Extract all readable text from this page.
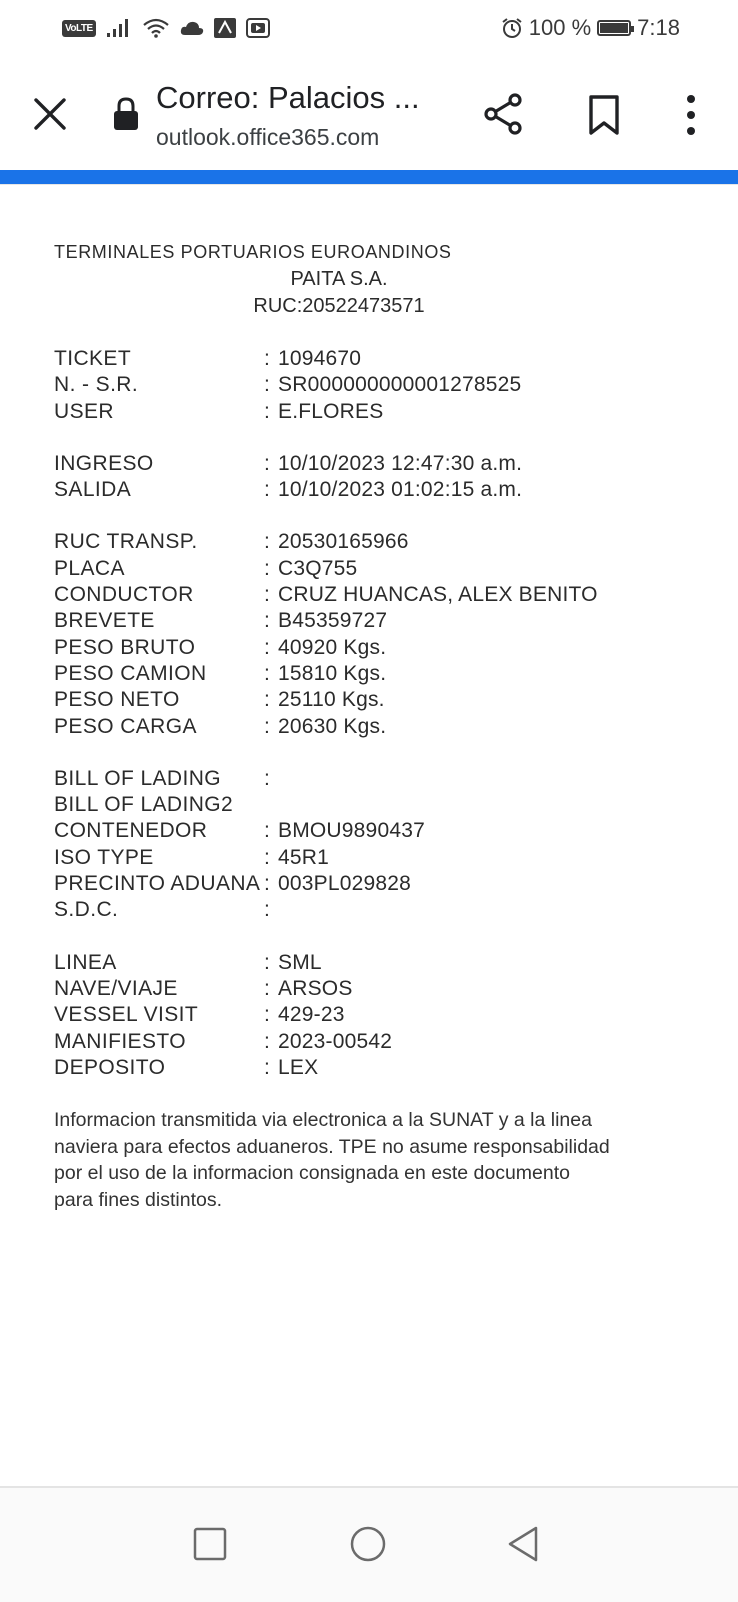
VoLTE	100 % 7:18
Correo: Palacios ...
outlook.office365.com
TERMINALES PORTUARIOS EUROANDINOS
PAITA S.A.
RUC:20522473571
TICKET	: 1094670
N. - S.R.	: SR000000000001278525
USER	: E.FLORES
INGRESO	: 10/10/2023 12:47:30 a.m.
SALIDA	: 10/10/2023 01:02:15 a.m.
RUC TRANSP.	: 20530165966
PLACA	: C3Q755
CONDUCTOR	: CRUZ HUANCAS, ALEX BENITO
BREVETE	: B45359727
PESO BRUTO	: 40920 Kgs.
PESO CAMION	: 15810 Kgs.
PESO NETO	: 25110 Kgs.
PESO CARGA	: 20630 Kgs.
BILL OF LADING	:
BILL OF LADING2
CONTENEDOR	: BMOU9890437
ISO TYPE	: 45R1
PRECINTO ADUANA : 003PL029828
S.D.C.	:
LINEA	: SML
NAVE/VIAJE	: ARSOS
VESSEL VISIT	: 429-23
MANIFIESTO	: 2023-00542
DEPOSITO	: LEX
Informacion transmitida via electronica a la SUNAT y a la linea naviera para efectos aduaneros. TPE no asume responsabilidad por el uso de la informacion consignada en este documento para fines distintos.
